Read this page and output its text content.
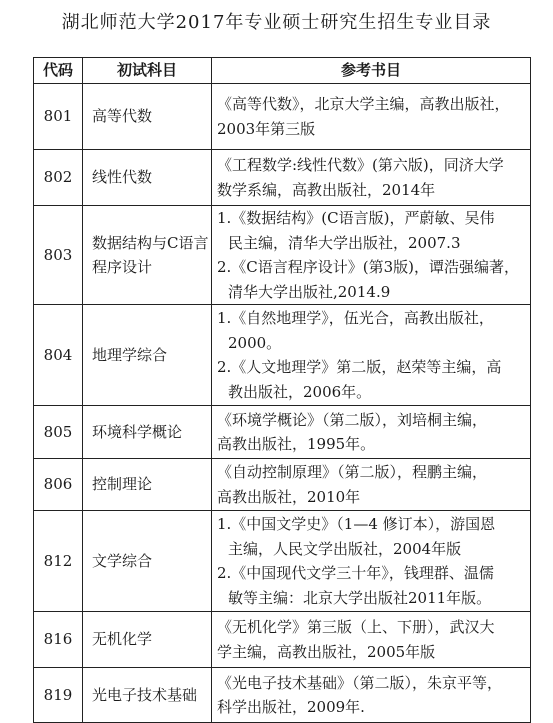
湖北师范大学2017年专业硕士研究生招生专业目录
代码	初试科目	参考书目
801	高等代数	《高等代数》，北京大学主编，高教出版社，
2003年第三版

802	线性代数	《工程数学:线性代数》(第六版)，同济大学
数学系编，高教出版社，2014年

803	数据结构与C语言程序设计	1.《数据结构》(C语言版)，严蔚敏、吴伟
民主编，清华大学出版社，2007.3
2.《C语言程序设计》(第3版)，谭浩强编著，
清华大学出版社,2014.9

804	地理学综合	1.《自然地理学》，伍光合，高教出版社，
2000。
2.《人文地理学》第二版，赵荣等主编，高
教出版社，2006年。

805	环境科学概论	《环境学概论》（第二版），刘培桐主编，
高教出版社，1995年。

806	控制理论	《自动控制原理》（第二版），程鹏主编，
高教出版社，2010年

812	文学综合	1.《中国文学史》（1—4 修订本），游国恩
主编，人民文学出版社，2004年版
2.《中国现代文学三十年》，钱理群、温儒
敏等主编：北京大学出版社2011年版。

816	无机化学	《无机化学》第三版（上、下册），武汉大
学主编，高教出版社，2005年版

819	光电子技术基础	《光电子技术基础》（第二版），朱京平等，
科学出版社，2009年.
